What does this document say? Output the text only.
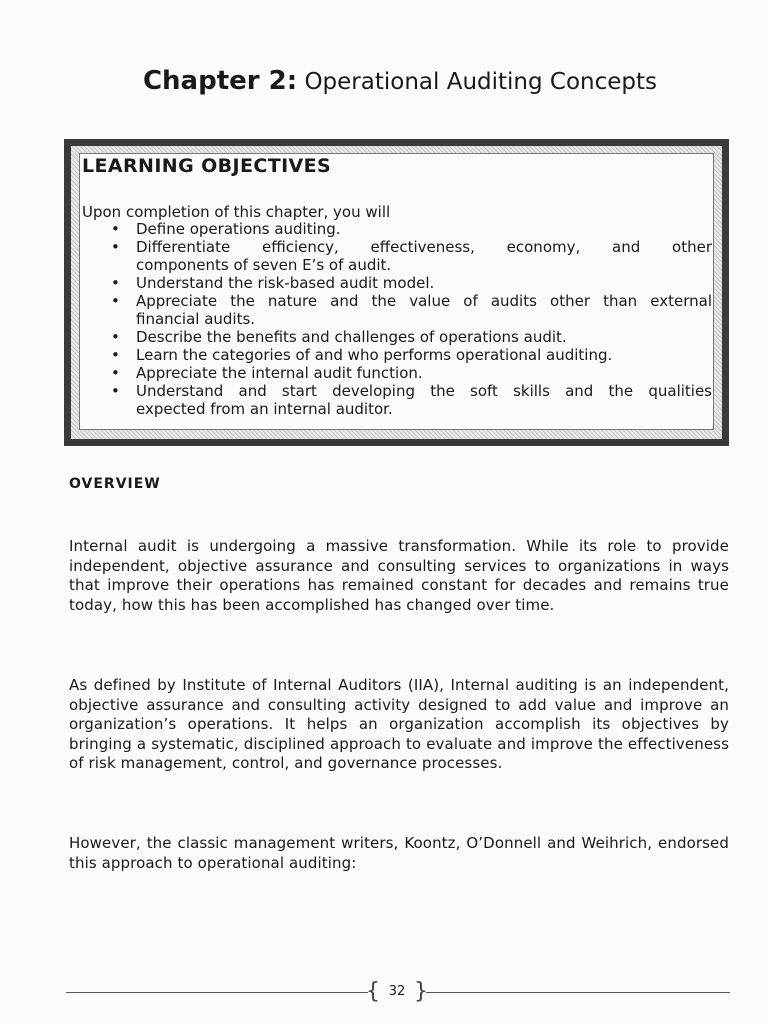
Chapter 2: Operational Auditing Concepts
LEARNING OBJECTIVES
Upon completion of this chapter, you will
• Define operations auditing.
• Differentiate efficiency, effectiveness, economy, and other
components of seven E’s of audit.
• Understand the risk-based audit model.
• Appreciate the nature and the value of audits other than external
financial audits.
• Describe the benefits and challenges of operations audit.
• Learn the categories of and who performs operational auditing.
• Appreciate the internal audit function.
• Understand and start developing the soft skills and the qualities
expected from an internal auditor.
OVERVIEW

Internal audit is undergoing a massive transformation. While its role to provide independent, objective assurance and consulting services to organizations in ways that improve their operations has remained constant for decades and remains true today, how this has been accomplished has changed over time.

As defined by Institute of Internal Auditors (IIA), Internal auditing is an independent, objective assurance and consulting activity designed to add value and improve an organization’s operations. It helps an organization accomplish its objectives by bringing a systematic, disciplined approach to evaluate and improve the effectiveness of risk management, control, and governance processes.

However, the classic management writers, Koontz, O’Donnell and Weihrich, endorsed this approach to operational auditing:

{ 32 }
